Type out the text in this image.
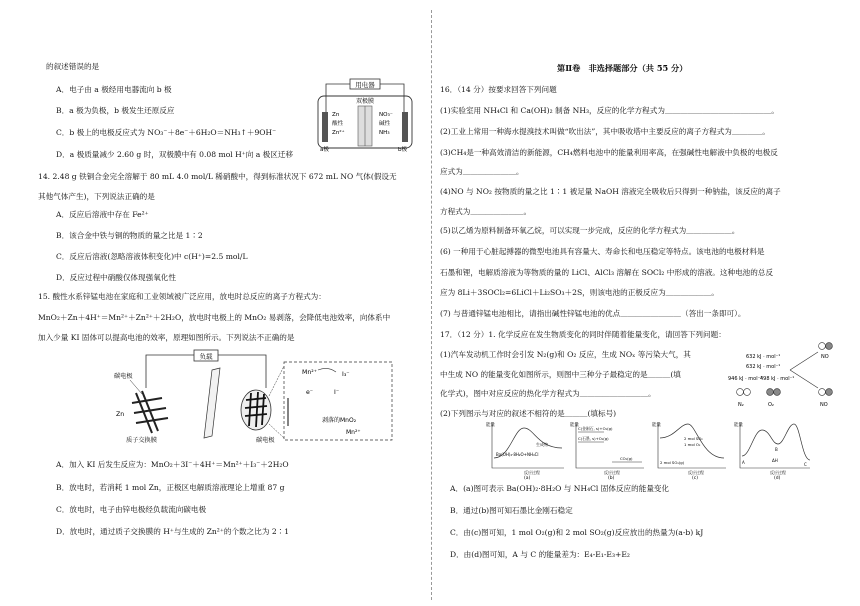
的叙述错误的是
A．电子由 a 极经用电器流向 b 极
B．a 极为负极，b 极发生还原反应
C．b 极上的电极反应式为 NO₃⁻＋8e⁻＋6H₂O＝NH₃↑＋9OH⁻
D．a 极质量减少 2.60 g 时，双极膜中有 0.08 mol H⁺向 a 极区迁移
用电器
双极膜
Zn
酸性
Zn²⁺
NO₃⁻
碱性
NH₃
a极	b极
14. 2.48 g 铁铜合金完全溶解于 80 mL 4.0 mol/L 稀硝酸中，得到标准状况下 672 mL NO 气体(假设无
其他气体产生)，下列说法正确的是
A．反应后溶液中存在 Fe²⁺
B．该合金中铁与铜的物质的量之比是 1∶2
C．反应后溶液(忽略溶液体积变化)中 c(H⁺)=2.5 mol/L
D．反应过程中硝酸仅体现强氧化性
15. 酸性水系锌锰电池在家庭和工业领域被广泛应用，放电时总反应的离子方程式为：
MnO₂＋Zn＋4H⁺＝Mn²⁺＋Zn²⁺＋2H₂O，放电时电极上的 MnO₂ 易剥落，会降低电池效率，向体系中
加入少量 KI 固体可以提高电池的效率，原理如图所示。下列说法不正确的是
负载
碳电极
Zn
质子交换膜	碳电极
Mn²⁺	I₃⁻
e⁻	I⁻
剥落的MnO₂
Mn²⁺
A．加入 KI 后发生反应为：MnO₂＋3I⁻＋4H⁺＝Mn²⁺＋I₃⁻＋2H₂O
B．放电时，若消耗 1 mol Zn，正极区电解质溶液理论上增重 87 g
C．放电时，电子由锌电极经负载流向碳电极
D．放电时，通过质子交换膜的 H⁺与生成的 Zn²⁺的个数之比为 2∶1
第Ⅱ卷　非选择题部分（共 55 分）
16．（14 分）按要求回答下列问题
(1)实验室用 NH₄Cl 和 Ca(OH)₂ 制备 NH₃，反应的化学方程式为＿＿＿＿＿＿＿＿＿＿＿＿＿＿。
(2)工业上常用一种海水提溴技术叫做“吹出法”，其中吸收塔中主要反应的离子方程式为＿＿＿＿。
(3)CH₄是一种高效清洁的新能源，CH₄燃料电池中的能量利用率高，在强碱性电解液中负极的电极反
应式为＿＿＿＿＿＿＿。
(4)NO 与 NO₂ 按物质的量之比 1∶1 被足量 NaOH 溶液完全吸收后只得到一种钠盐，该反应的离子
方程式为＿＿＿＿＿＿＿。
(5)以乙烯为原料制备环氧乙烷，可以实现一步完成，反应的化学方程式为＿＿＿＿＿＿。
(6) 一种用于心脏起搏器的微型电池具有容量大、寿命长和电压稳定等特点。该电池的电极材料是
石墨和锂，电解质溶液为等物质的量的 LiCl、AlCl₃ 溶解在 SOCl₂ 中形成的溶液。这种电池的总反
应为 8Li＋3SOCl₂=6LiCl＋Li₂SO₃＋2S，则该电池的正极反应为＿＿＿＿＿＿。
(7) 与普通锌锰电池相比，请指出碱性锌锰电池的优点＿＿＿＿＿＿＿＿（答出一条即可）。
17．（12 分）1. 化学反应在发生物质变化的同时伴随着能量变化，请回答下列问题：
(1)汽车发动机工作时会引发 N₂(g)和 O₂ 反应，生成 NOₓ 等污染大气，其
中生成 NO 的能量变化如图所示，则图中三种分子最稳定的是＿＿＿(填
化学式)，图中对应反应的热化学方程式为＿＿＿＿＿＿＿＿＿。
(2)下列图示与对应的叙述不相符的是＿＿＿(填标号)
NO
632 kJ · mol⁻¹
632 kJ · mol⁻¹
946 kJ · mol⁻¹
498 kJ · mol⁻¹
N₂	O₂	NO
能量
Ba(OH)₂·8H₂O+NH₄Cl
生成物
反应过程
(a)
能量
C(金刚石, s)+O₂(g)
C(石墨, s)+O₂(g)
CO₂(g)
反应过程
(b)
能量
2 mol SO₂
1 mol O₂
2 mol SO₃(g)
反应过程
(c)
能量
A
B
C
ΔH
反应过程
(d)
A．(a)图可表示 Ba(OH)₂·8H₂O 与 NH₄Cl 固体反应的能量变化
B．通过(b)图可知石墨比金刚石稳定
C．由(c)图可知，1 mol O₂(g)和 2 mol SO₂(g)反应放出的热量为(a-b) kJ
D．由(d)图可知，A 与 C 的能量差为：E₄-E₁-E₃+E₂
